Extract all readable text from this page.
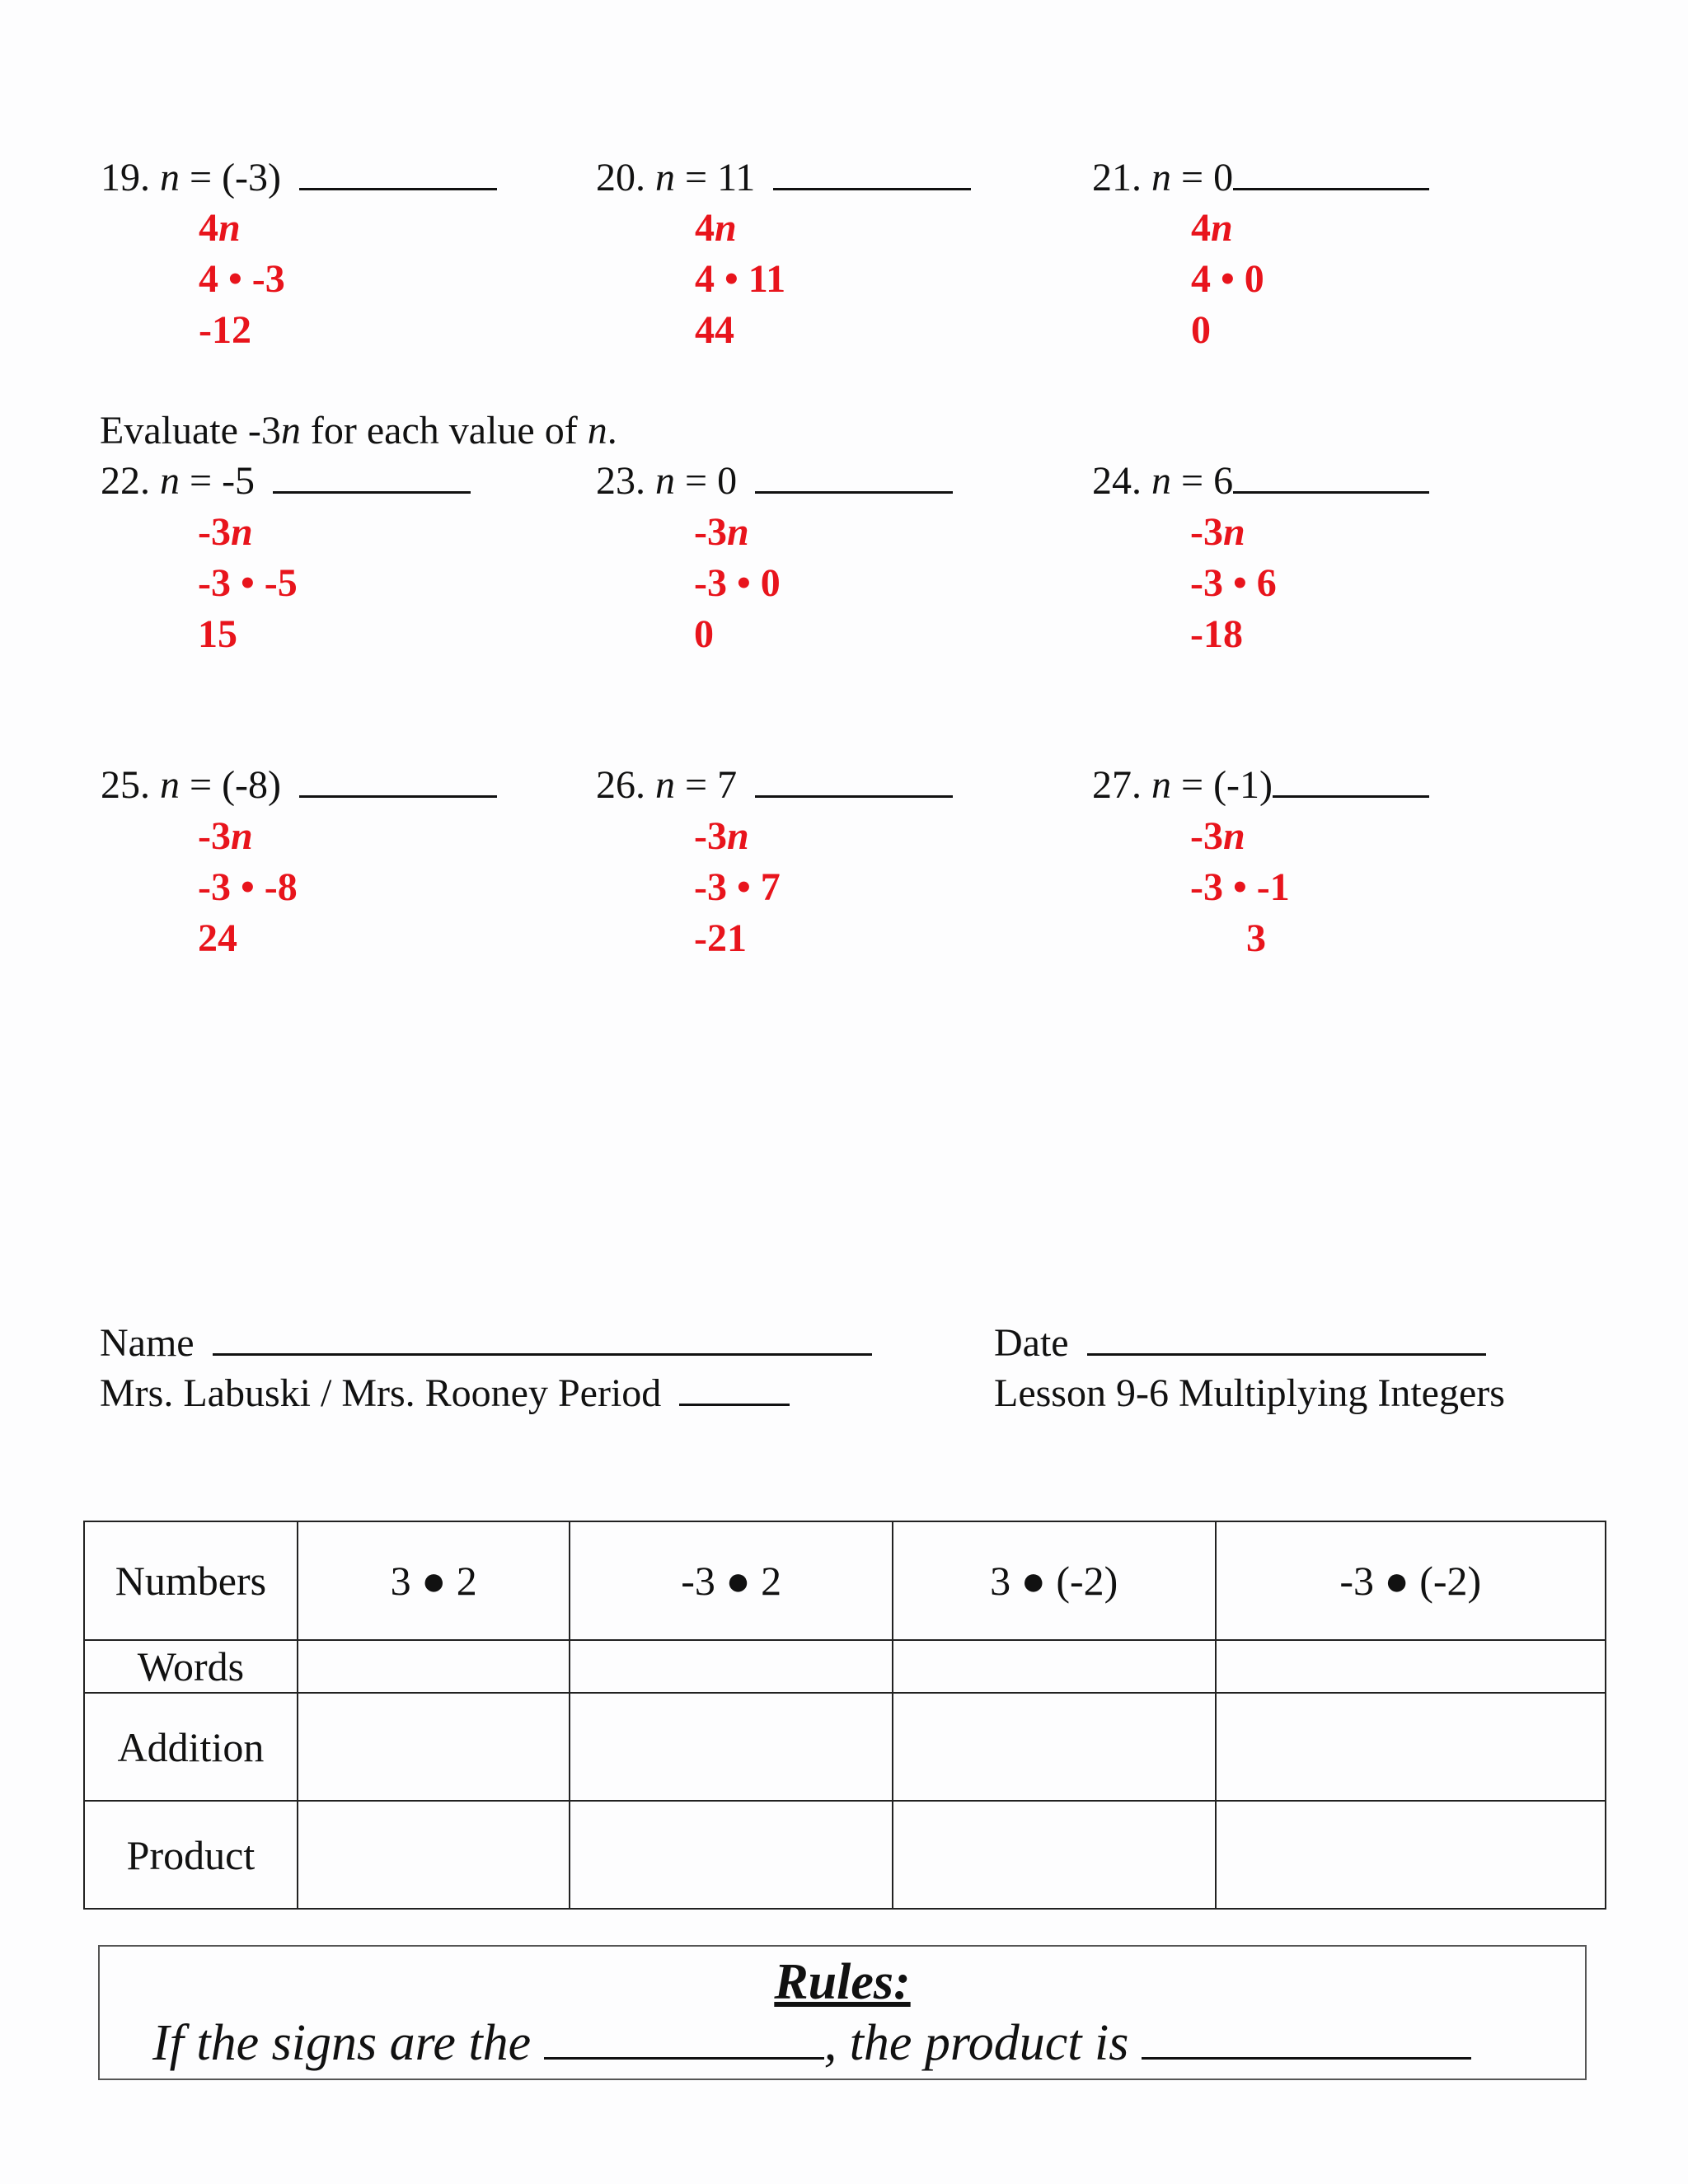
19. n = (-3)
4n
4 • -3
-12
20. n = 11
4n
4 • 11
44
21. n = 0
4n
4 • 0
0
Evaluate -3n for each value of n.
22. n = -5
-3n
-3 • -5
15
23. n = 0
-3n
-3 • 0
0
24. n = 6
-3n
-3 • 6
-18
25. n = (-8)
-3n
-3 • -8
24
26. n = 7
-3n
-3 • 7
-21
27. n = (-1)
-3n
-3 • -1
3
Name
Mrs. Labuski / Mrs. Rooney Period
Date
Lesson 9-6 Multiplying Integers
Numbers	3 ● 2	-3 ● 2	3 ● (-2)	-3 ● (-2)
Words				
Addition				
Product				
Rules:
If the signs are the	, the product is
